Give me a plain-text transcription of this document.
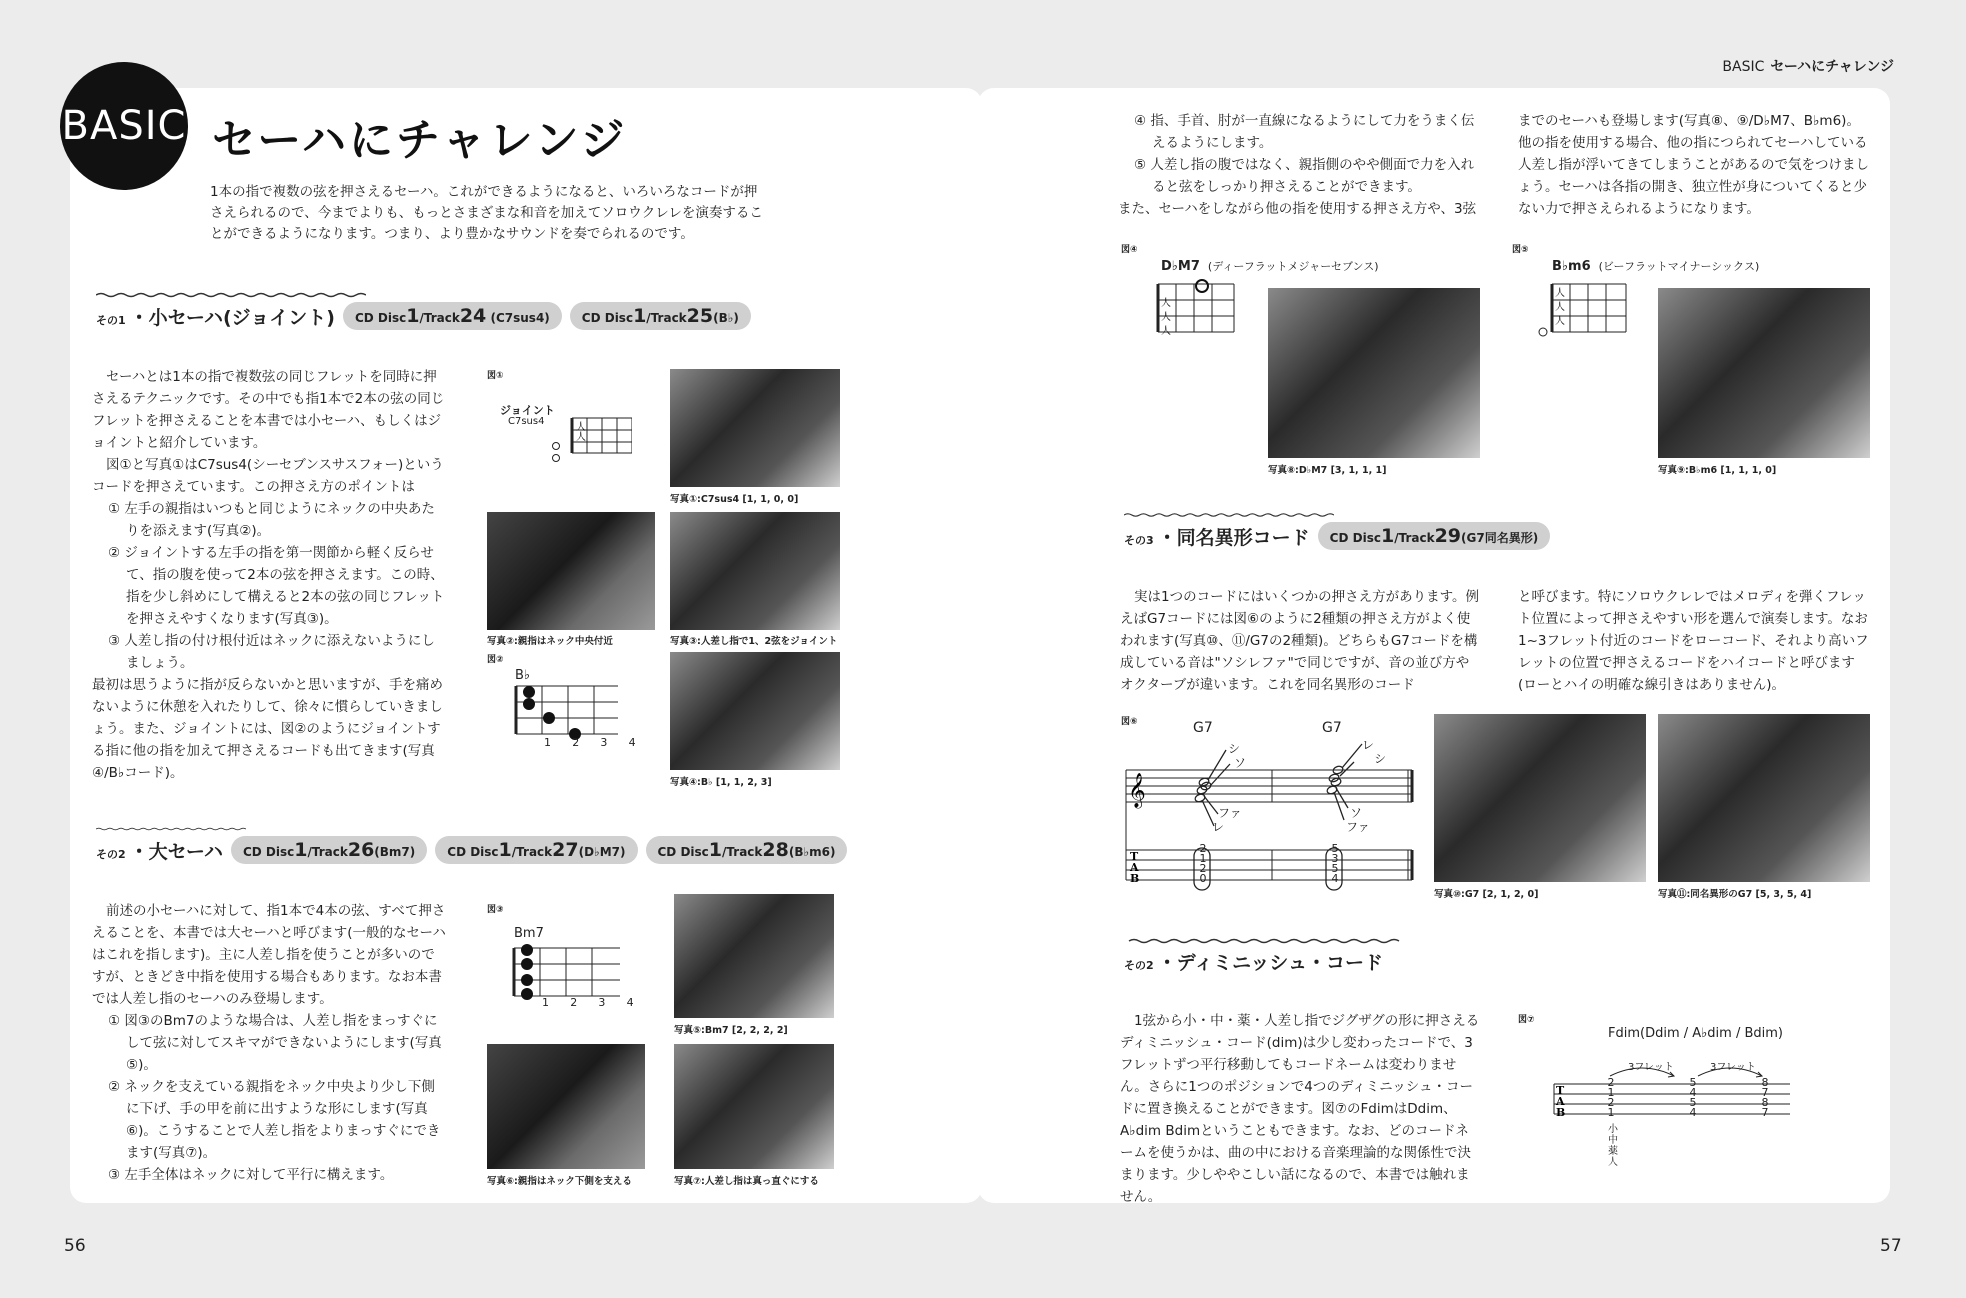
BASIC セーハにチャレンジ
BASIC セーハにチャレンジ
1本の指で複数の弦を押さえるセーハ。これができるようになると、いろいろなコードが押さえられるので、今までよりも、もっとさまざまな和音を加えてソロウクレレを演奏することができるようになります。つまり、より豊かなサウンドを奏でられるのです。
その1 ・小セーハ(ジョイント)	CD Disc1/Track24 (C7sus4)	CD Disc1/Track25(B♭)

セーハとは1本の指で複数弦の同じフレットを同時に押さえるテクニックです。その中でも指1本で2本の弦の同じフレットを押さえることを本書では小セーハ、もしくはジョイントと紹介しています。

図①と写真①はC7sus4(シーセブンスサスフォー)というコードを押さえています。この押さえ方のポイントは

① 左手の親指はいつもと同じようにネックの中央あたりを添えます(写真②)。

② ジョイントする左手の指を第一関節から軽く反らせて、指の腹を使って2本の弦を押さえます。この時、指を少し斜めにして構えると2本の弦の同じフレットを押さえやすくなります(写真③)。

③ 人差し指の付け根付近はネックに添えないようにしましょう。

最初は思うように指が反らないかと思いますが、手を痛めないように休憩を入れたりして、徐々に慣らしていきましょう。また、ジョイントには、図②のようにジョイントする指に他の指を加えて押さえるコードも出てきます(写真④/B♭コード)。

図①
ジョイント
C7sus4
人
人
写真①:C7sus4 [1, 1, 0, 0]
写真②:親指はネック中央付近	写真③:人差し指で1、2弦をジョイント
図②
B♭
1 2 3 4
写真④:B♭ [1, 1, 2, 3]
その2 ・大セーハ	CD Disc1/Track26(Bm7)	CD Disc1/Track27(D♭M7)	CD Disc1/Track28(B♭m6)

前述の小セーハに対して、指1本で4本の弦、すべて押さえることを、本書では大セーハと呼びます(一般的なセーハはこれを指します)。主に人差し指を使うことが多いのですが、ときどき中指を使用する場合もあります。なお本書では人差し指のセーハのみ登場します。

① 図③のBm7のような場合は、人差し指をまっすぐにして弦に対してスキマができないようにします(写真⑤)。

② ネックを支えている親指をネック中央より少し下側に下げ、手の甲を前に出すような形にします(写真⑥)。こうすることで人差し指をよりまっすぐにできます(写真⑦)。

③ 左手全体はネックに対して平行に構えます。

図③
Bm7
1 2 3 4
写真⑤:Bm7 [2, 2, 2, 2]
写真⑥:親指はネック下側を支える	写真⑦:人差し指は真っ直ぐにする

④ 指、手首、肘が一直線になるようにして力をうまく伝えるようにします。

⑤ 人差し指の腹ではなく、親指側のやや側面で力を入れると弦をしっかり押さえることができます。

また、セーハをしながら他の指を使用する押さえ方や、3弦

までのセーハも登場します(写真⑧、⑨/D♭M7、B♭m6)。他の指を使用する場合、他の指につられてセーハしている人差し指が浮いてきてしまうことがあるので気をつけましょう。セーハは各指の開き、独立性が身についてくると少ない力で押さえられるようになります。
図④
D♭M7 (ディーフラットメジャーセブンス)
人
人
人
写真⑧:D♭M7 [3, 1, 1, 1]
図⑤
B♭m6 (ビーフラットマイナーシックス)
人
人
人
写真⑨:B♭m6 [1, 1, 1, 0]
その3 ・同名異形コード	CD Disc1/Track29(G7同名異形)
実は1つのコードにはいくつかの押さえ方があります。例えばG7コードには図⑥のように2種類の押さえ方がよく使われます(写真⑩、⑪/G7の2種類)。どちらもG7コードを構成している音は"ソシレファ"で同じですが、音の並び方やオクターブが違います。これを同名異形のコード
と呼びます。特にソロウクレレではメロディを弾くフレット位置によって押さえやすい形を選んで演奏します。なお1~3フレット付近のコードをローコード、それより高いフレットの位置で押さえるコードをハイコードと呼びます(ローとハイの明確な線引きはありません)。
図⑥	G7	G7
𝄞
T
A
B
シ
ソ
ファ
レ
レ
シ
ソ
ファ
2
1
2
0
5
3
5
4
写真⑩:G7 [2, 1, 2, 0]	写真⑪:同名異形のG7 [5, 3, 5, 4]
その2 ・ディミニッシュ・コード
1弦から小・中・薬・人差し指でジグザグの形に押さえるディミニッシュ・コード(dim)は少し変わったコードで、3フレットずつ平行移動してもコードネームは変わりません。さらに1つのポジションで4つのディミニッシュ・コードに置き換えることができます。図⑦のFdimはDdim、A♭dim Bdimということもできます。なお、どのコードネームを使うかは、曲の中における音楽理論的な関係性で決まります。少しややこしい話になるので、本書では触れません。
図⑦
Fdim(Ddim / A♭dim / Bdim)
T
A
B
3フレット	3フレット
2
1
2
1
5
4
5
4
8
7
8
7
小中薬人
56	57
